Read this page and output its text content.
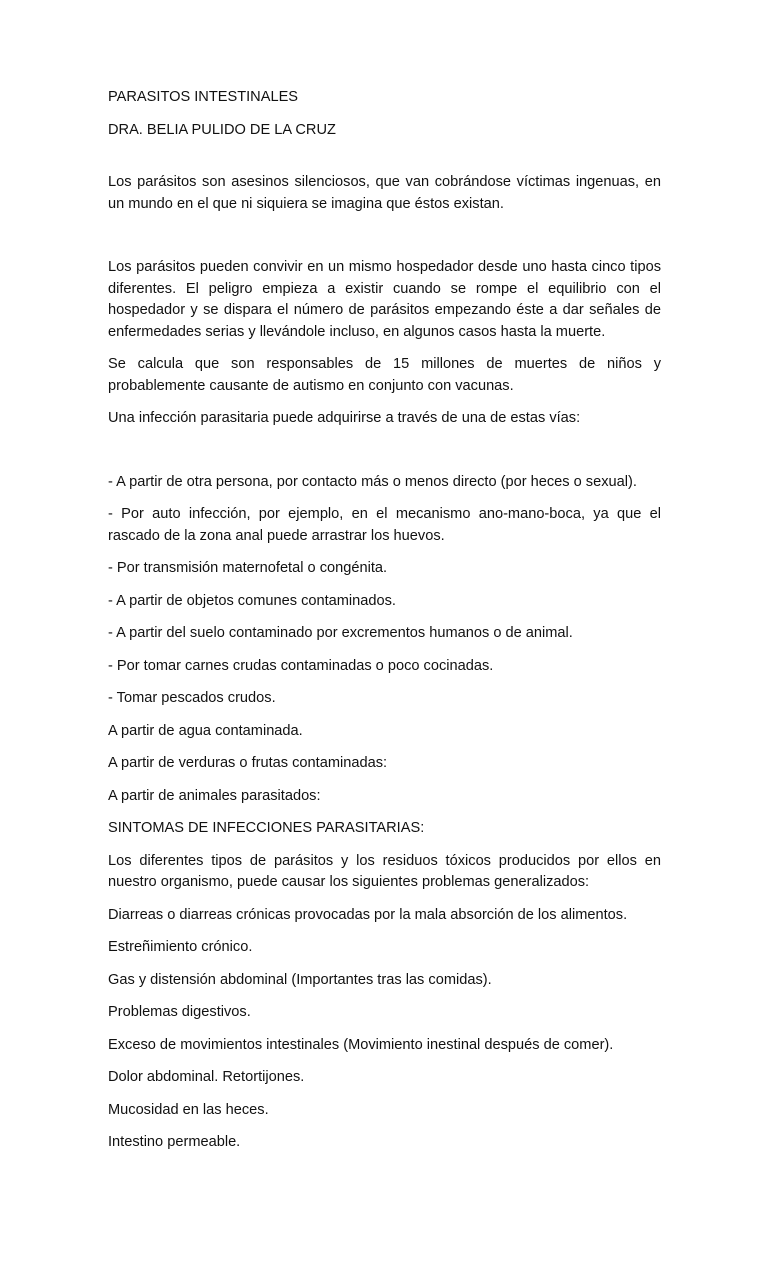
PARASITOS INTESTINALES

DRA. BELIA PULIDO DE LA CRUZ

Los parásitos son asesinos silenciosos, que van cobrándose víctimas ingenuas, en un mundo en el que ni siquiera se imagina que éstos existan.

Los parásitos pueden convivir en un mismo hospedador desde uno hasta cinco tipos diferentes. El peligro empieza a existir cuando se rompe el equilibrio con el hospedador y se dispara el número de parásitos empezando éste a dar señales de enfermedades serias y llevándole incluso, en algunos casos hasta la muerte.

Se calcula que son responsables de 15 millones de muertes de niños y probablemente causante de autismo en conjunto con vacunas.

Una infección parasitaria puede adquirirse a través de una de estas vías:

- A partir de otra persona, por contacto más o menos directo (por heces o sexual).

- Por auto infección, por ejemplo, en el mecanismo ano-mano-boca, ya que el rascado de la zona anal puede arrastrar los huevos.

- Por transmisión maternofetal o congénita.

- A partir de objetos comunes contaminados.

- A partir del suelo contaminado por excrementos humanos o de animal.

- Por tomar carnes crudas contaminadas o poco cocinadas.

- Tomar pescados crudos.

A partir de agua contaminada.

A partir de verduras o frutas contaminadas:

A partir de animales parasitados:

SINTOMAS DE INFECCIONES PARASITARIAS:

Los diferentes tipos de parásitos y los residuos tóxicos producidos por ellos en nuestro organismo, puede causar los siguientes problemas generalizados:

Diarreas o diarreas crónicas provocadas por la mala absorción de los alimentos.

Estreñimiento crónico.

Gas y distensión abdominal (Importantes tras las comidas).

Problemas digestivos.

Exceso de movimientos intestinales (Movimiento inestinal después de comer).

Dolor abdominal. Retortijones.

Mucosidad en las heces.

Intestino permeable.
